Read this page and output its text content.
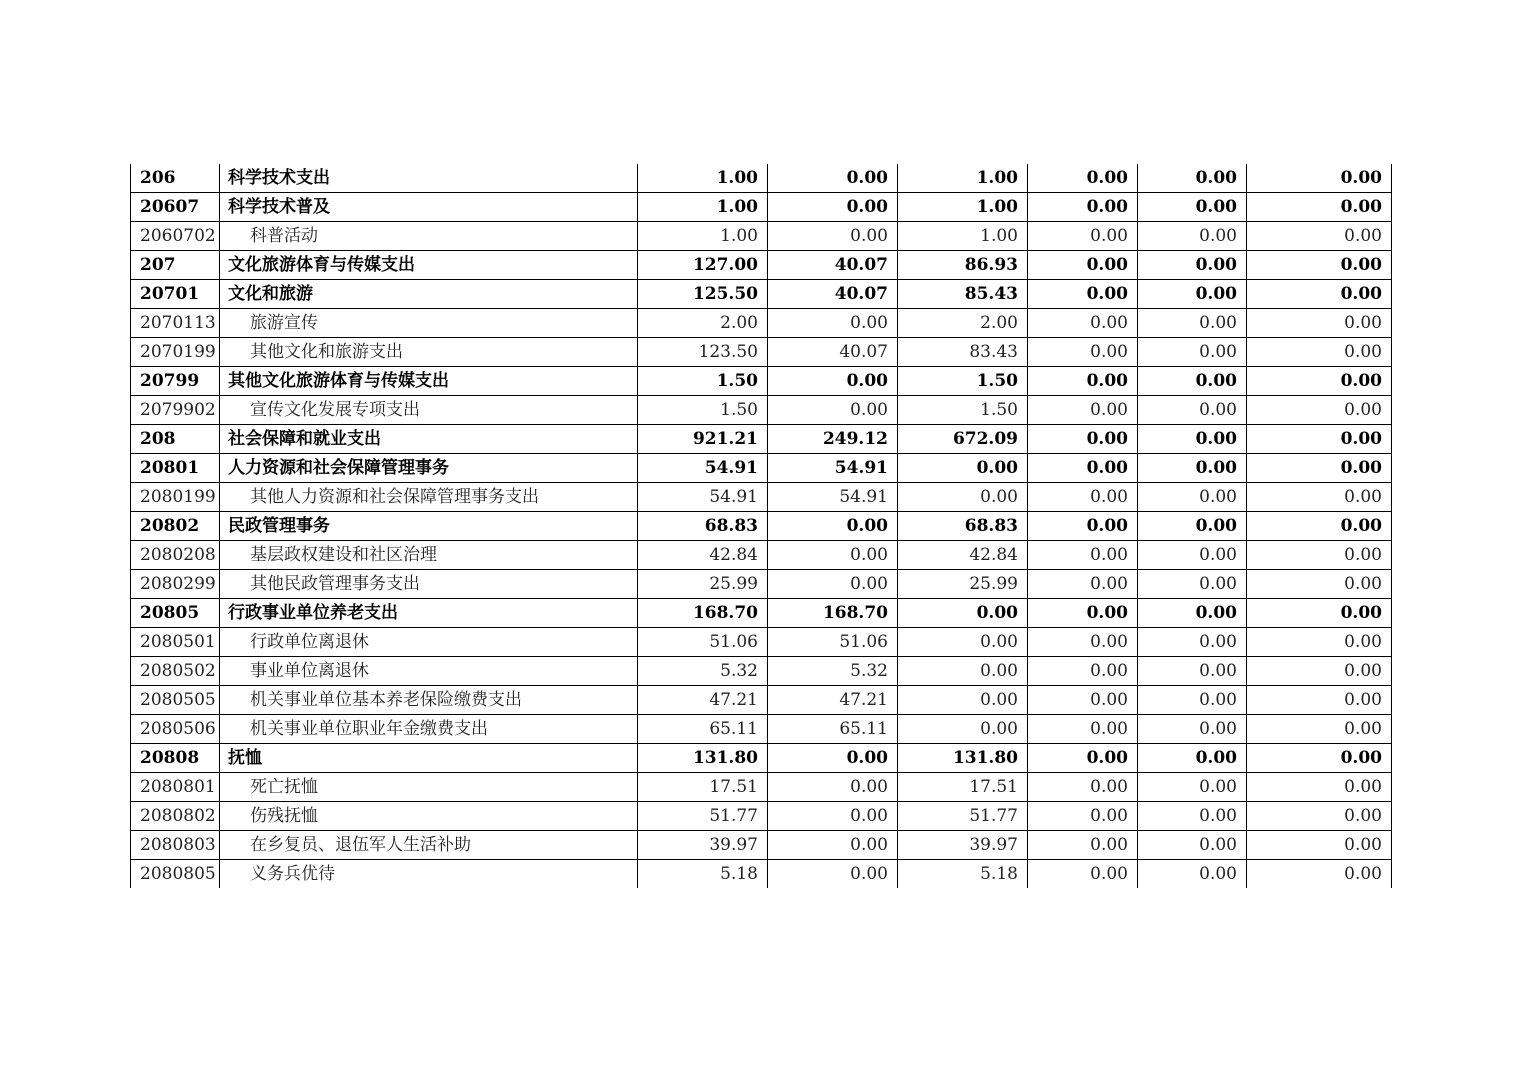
206	科学技术支出	1.00	0.00	1.00	0.00	0.00	0.00
20607	科学技术普及	1.00	0.00	1.00	0.00	0.00	0.00
2060702	科普活动	1.00	0.00	1.00	0.00	0.00	0.00
207	文化旅游体育与传媒支出	127.00	40.07	86.93	0.00	0.00	0.00
20701	文化和旅游	125.50	40.07	85.43	0.00	0.00	0.00
2070113	旅游宣传	2.00	0.00	2.00	0.00	0.00	0.00
2070199	其他文化和旅游支出	123.50	40.07	83.43	0.00	0.00	0.00
20799	其他文化旅游体育与传媒支出	1.50	0.00	1.50	0.00	0.00	0.00
2079902	宣传文化发展专项支出	1.50	0.00	1.50	0.00	0.00	0.00
208	社会保障和就业支出	921.21	249.12	672.09	0.00	0.00	0.00
20801	人力资源和社会保障管理事务	54.91	54.91	0.00	0.00	0.00	0.00
2080199	其他人力资源和社会保障管理事务支出	54.91	54.91	0.00	0.00	0.00	0.00
20802	民政管理事务	68.83	0.00	68.83	0.00	0.00	0.00
2080208	基层政权建设和社区治理	42.84	0.00	42.84	0.00	0.00	0.00
2080299	其他民政管理事务支出	25.99	0.00	25.99	0.00	0.00	0.00
20805	行政事业单位养老支出	168.70	168.70	0.00	0.00	0.00	0.00
2080501	行政单位离退休	51.06	51.06	0.00	0.00	0.00	0.00
2080502	事业单位离退休	5.32	5.32	0.00	0.00	0.00	0.00
2080505	机关事业单位基本养老保险缴费支出	47.21	47.21	0.00	0.00	0.00	0.00
2080506	机关事业单位职业年金缴费支出	65.11	65.11	0.00	0.00	0.00	0.00
20808	抚恤	131.80	0.00	131.80	0.00	0.00	0.00
2080801	死亡抚恤	17.51	0.00	17.51	0.00	0.00	0.00
2080802	伤残抚恤	51.77	0.00	51.77	0.00	0.00	0.00
2080803	在乡复员、退伍军人生活补助	39.97	0.00	39.97	0.00	0.00	0.00
2080805	义务兵优待	5.18	0.00	5.18	0.00	0.00	0.00
